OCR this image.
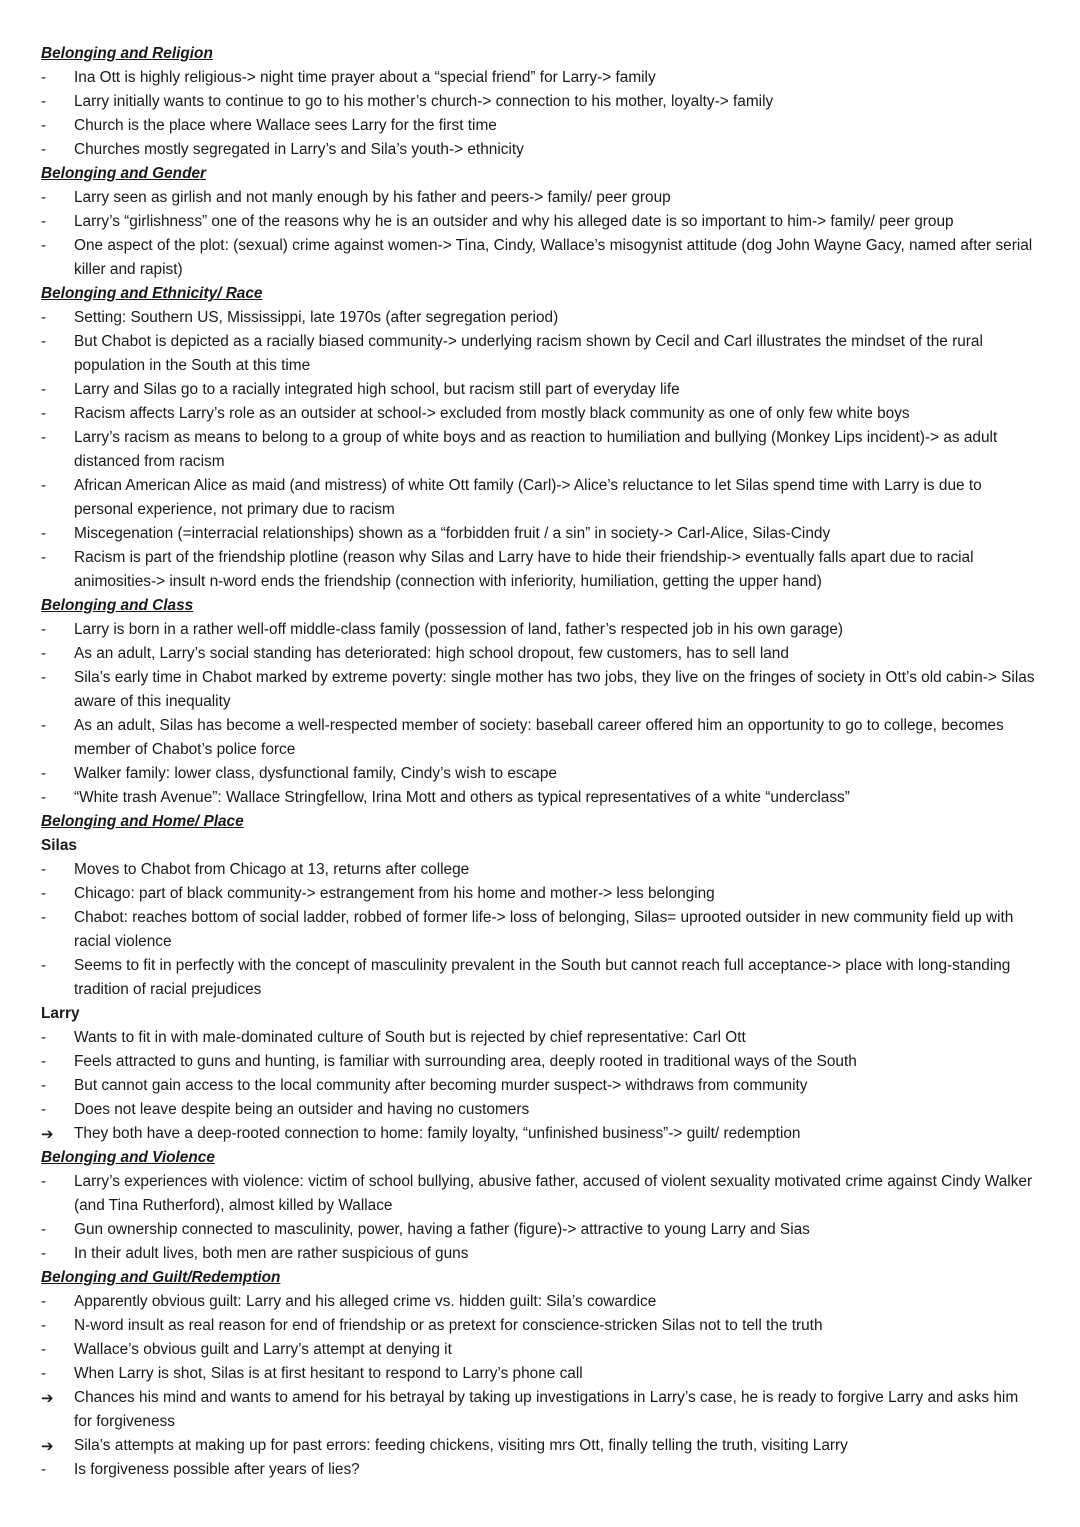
Belonging and Religion
-
Ina Ott is highly religious-> night time prayer about a “special friend” for Larry-> family
-
Larry initially wants to continue to go to his mother’s church-> connection to his mother, loyalty-> family
-
Church is the place where Wallace sees Larry for the first time
-
Churches mostly segregated in Larry’s and Sila’s youth-> ethnicity
Belonging and Gender
-
Larry seen as girlish and not manly enough by his father and peers-> family/ peer group
-
Larry’s “girlishness” one of the reasons why he is an outsider and why his alleged date is so important to him-> family/ peer group
-
One aspect of the plot: (sexual) crime against women-> Tina, Cindy, Wallace’s misogynist attitude (dog John Wayne Gacy, named after serial killer and rapist)
Belonging and Ethnicity/ Race
-
Setting: Southern US, Mississippi, late 1970s (after segregation period)
-
But Chabot is depicted as a racially biased community-> underlying racism shown by Cecil and Carl illustrates the mindset of the rural population in the South at this time
-
Larry and Silas go to a racially integrated high school, but racism still part of everyday life
-
Racism affects Larry’s role as an outsider at school-> excluded from mostly black community as one of only few white boys
-
Larry’s racism as means to belong to a group of white boys and as reaction to humiliation and bullying (Monkey Lips incident)-> as adult distanced from racism
-
African American Alice as maid (and mistress) of white Ott family (Carl)-> Alice’s reluctance to let Silas spend time with Larry is due to personal experience, not primary due to racism
-
Miscegenation (=interracial relationships) shown as a “forbidden fruit / a sin” in society-> Carl-Alice, Silas-Cindy
-
Racism is part of the friendship plotline (reason why Silas and Larry have to hide their friendship-> eventually falls apart due to racial animosities-> insult n-word ends the friendship (connection with inferiority, humiliation, getting the upper hand)
Belonging and Class
-
Larry is born in a rather well-off middle-class family (possession of land, father’s respected job in his own garage)
-
As an adult, Larry’s social standing has deteriorated: high school dropout, few customers, has to sell land
-
Sila’s early time in Chabot marked by extreme poverty: single mother has two jobs, they live on the fringes of society in Ott’s old cabin-> Silas aware of this inequality
-
As an adult, Silas has become a well-respected member of society: baseball career offered him an opportunity to go to college, becomes member of Chabot’s police force
-
Walker family: lower class, dysfunctional family, Cindy’s wish to escape
-
“White trash Avenue”: Wallace Stringfellow, Irina Mott and others as typical representatives of a white “underclass”
Belonging and Home/ Place
Silas
-
Moves to Chabot from Chicago at 13, returns after college
-
Chicago: part of black community-> estrangement from his home and mother-> less belonging
-
Chabot: reaches bottom of social ladder, robbed of former life-> loss of belonging, Silas= uprooted outsider in new community field up with racial violence
-
Seems to fit in perfectly with the concept of masculinity prevalent in the South but cannot reach full acceptance-> place with long-standing tradition of racial prejudices
Larry
-
Wants to fit in with male-dominated culture of South but is rejected by chief representative: Carl Ott
-
Feels attracted to guns and hunting, is familiar with surrounding area, deeply rooted in traditional ways of the South
-
But cannot gain access to the local community after becoming murder suspect-> withdraws from community
-
Does not leave despite being an outsider and having no customers
➔	They both have a deep-rooted connection to home: family loyalty, “unfinished business”-> guilt/ redemption
Belonging and Violence
-
Larry’s experiences with violence: victim of school bullying, abusive father, accused of violent sexuality motivated crime against Cindy Walker (and Tina Rutherford), almost killed by Wallace
-
Gun ownership connected to masculinity, power, having a father (figure)-> attractive to young Larry and Sias
-
In their adult lives, both men are rather suspicious of guns
Belonging and Guilt/Redemption
-
Apparently obvious guilt: Larry and his alleged crime vs. hidden guilt: Sila’s cowardice
-
N-word insult as real reason for end of friendship or as pretext for conscience-stricken Silas not to tell the truth
-
Wallace’s obvious guilt and Larry’s attempt at denying it
-
When Larry is shot, Silas is at first hesitant to respond to Larry’s phone call
➔	Chances his mind and wants to amend for his betrayal by taking up investigations in Larry’s case, he is ready to forgive Larry and asks him for forgiveness
➔	Sila’s attempts at making up for past errors: feeding chickens, visiting mrs Ott, finally telling the truth, visiting Larry
-
Is forgiveness possible after years of lies?
